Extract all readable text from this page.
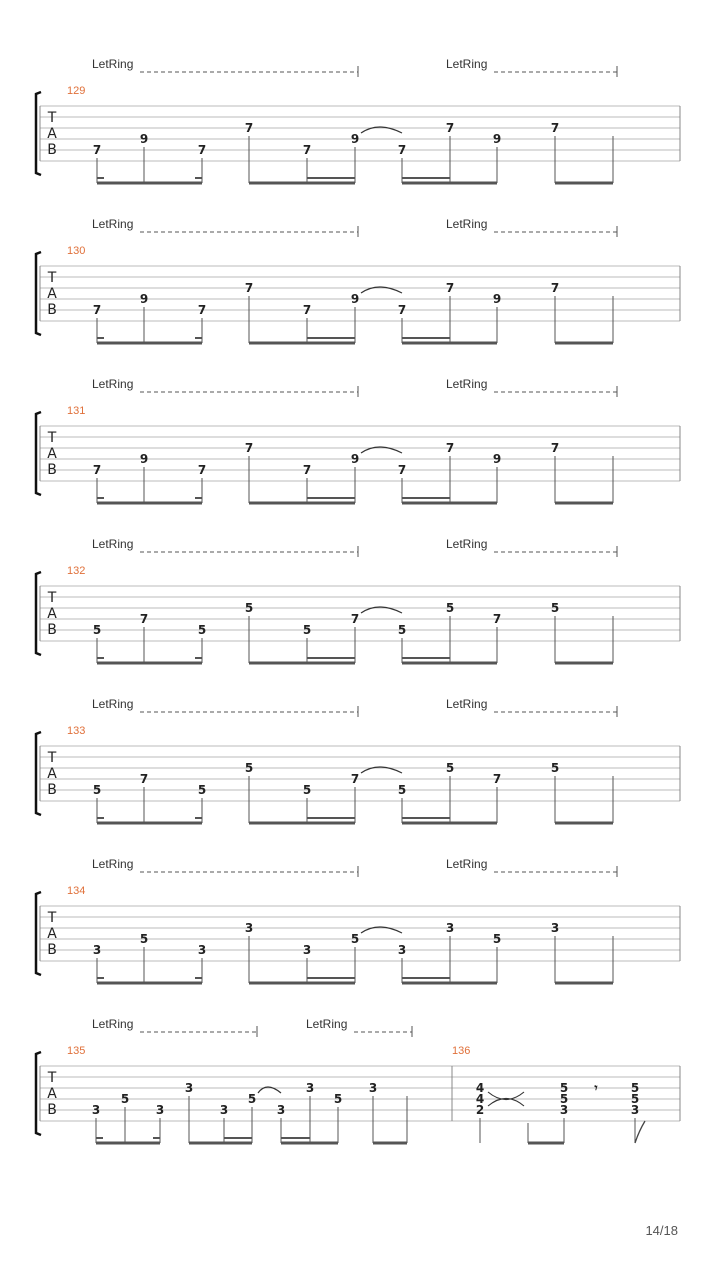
T
A
B
LetRing	LetRing
129
7
9
7
7
7
9
7
7
9
7
T
A
B
LetRing	LetRing
130
7
9
7
7
7
9
7
7
9
7
T
A
B
LetRing	LetRing
131
7
9
7
7
7
9
7
7
9
7
T
A
B
LetRing	LetRing
132
5
7
5
5
5
7
5
5
7
5
T
A
B
LetRing	LetRing
133
5
7
5
5
5
7
5
5
7
5
T
A
B
LetRing	LetRing
134
3
5
3
3
3
5
3
3
5
3
T
A
B
LetRing	LetRing
135	136
3
5
3
3
3
5
3
3
5
3	4
4
2
5
5
3
5
5
3
𝄾
14/18
